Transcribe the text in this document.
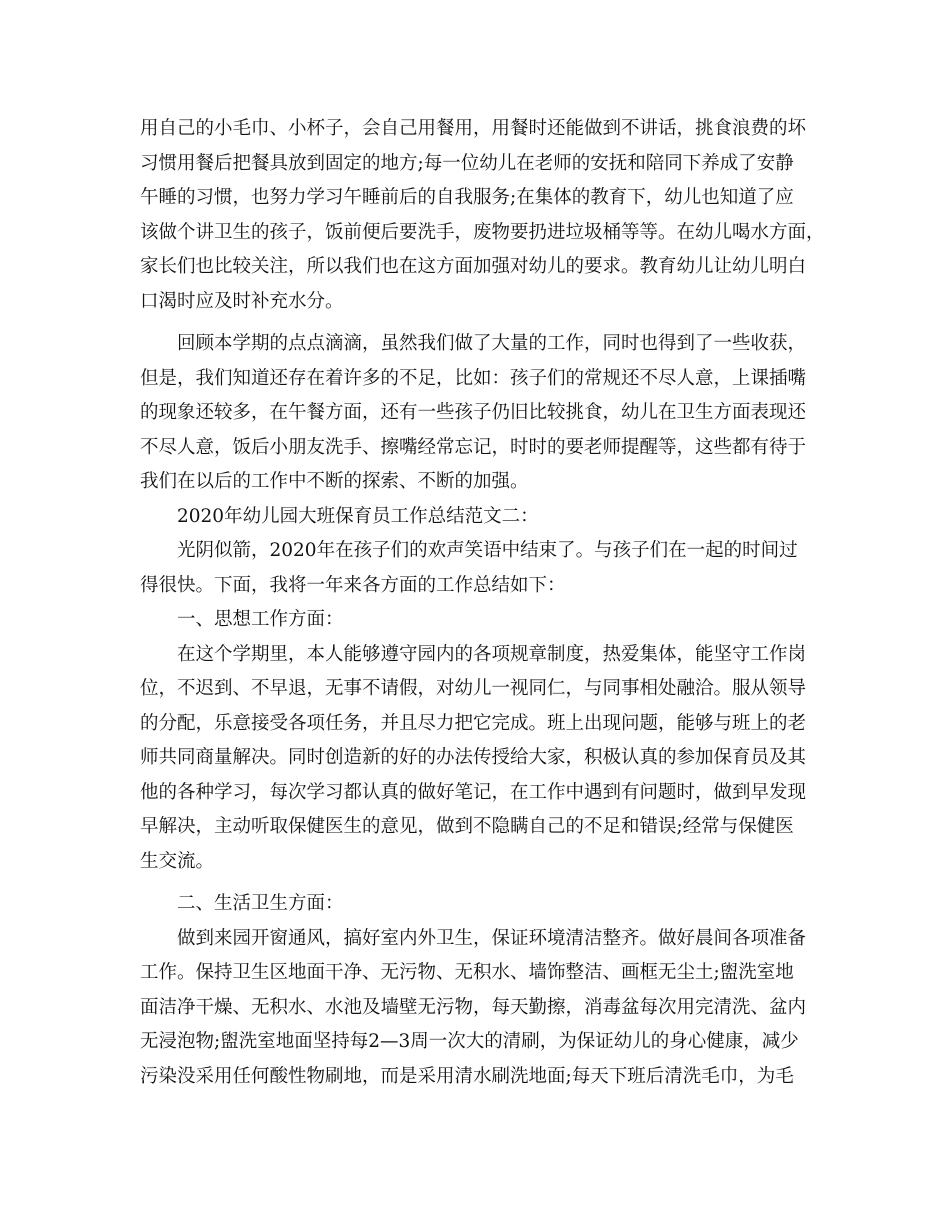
用自己的小毛巾、小杯子，会自己用餐用，用餐时还能做到不讲话，挑食浪费的坏
习惯用餐后把餐具放到固定的地方;每一位幼儿在老师的安抚和陪同下养成了安静
午睡的习惯，也努力学习午睡前后的自我服务;在集体的教育下，幼儿也知道了应
该做个讲卫生的孩子，饭前便后要洗手，废物要扔进垃圾桶等等。在幼儿喝水方面，
家长们也比较关注，所以我们也在这方面加强对幼儿的要求。教育幼儿让幼儿明白
口渴时应及时补充水分。
回顾本学期的点点滴滴，虽然我们做了大量的工作，同时也得到了一些收获，
但是，我们知道还存在着许多的不足，比如：孩子们的常规还不尽人意，上课插嘴
的现象还较多，在午餐方面，还有一些孩子仍旧比较挑食，幼儿在卫生方面表现还
不尽人意，饭后小朋友洗手、擦嘴经常忘记，时时的要老师提醒等，这些都有待于
我们在以后的工作中不断的探索、不断的加强。
2020年幼儿园大班保育员工作总结范文二：
光阴似箭，2020年在孩子们的欢声笑语中结束了。与孩子们在一起的时间过
得很快。下面，我将一年来各方面的工作总结如下：
一、思想工作方面：
在这个学期里，本人能够遵守园内的各项规章制度，热爱集体，能坚守工作岗
位，不迟到、不早退，无事不请假，对幼儿一视同仁，与同事相处融洽。服从领导
的分配，乐意接受各项任务，并且尽力把它完成。班上出现问题，能够与班上的老
师共同商量解决。同时创造新的好的办法传授给大家，积极认真的参加保育员及其
他的各种学习，每次学习都认真的做好笔记，在工作中遇到有问题时，做到早发现
早解决，主动听取保健医生的意见，做到不隐瞒自己的不足和错误;经常与保健医
生交流。
二、生活卫生方面：
做到来园开窗通风，搞好室内外卫生，保证环境清洁整齐。做好晨间各项准备
工作。保持卫生区地面干净、无污物、无积水、墙饰整洁、画框无尘土;盥洗室地
面洁净干燥、无积水、水池及墙壁无污物，每天勤擦，消毒盆每次用完清洗、盆内
无浸泡物;盥洗室地面坚持每2—3周一次大的清刷，为保证幼儿的身心健康，减少
污染没采用任何酸性物刷地，而是采用清水刷洗地面;每天下班后清洗毛巾，为毛
